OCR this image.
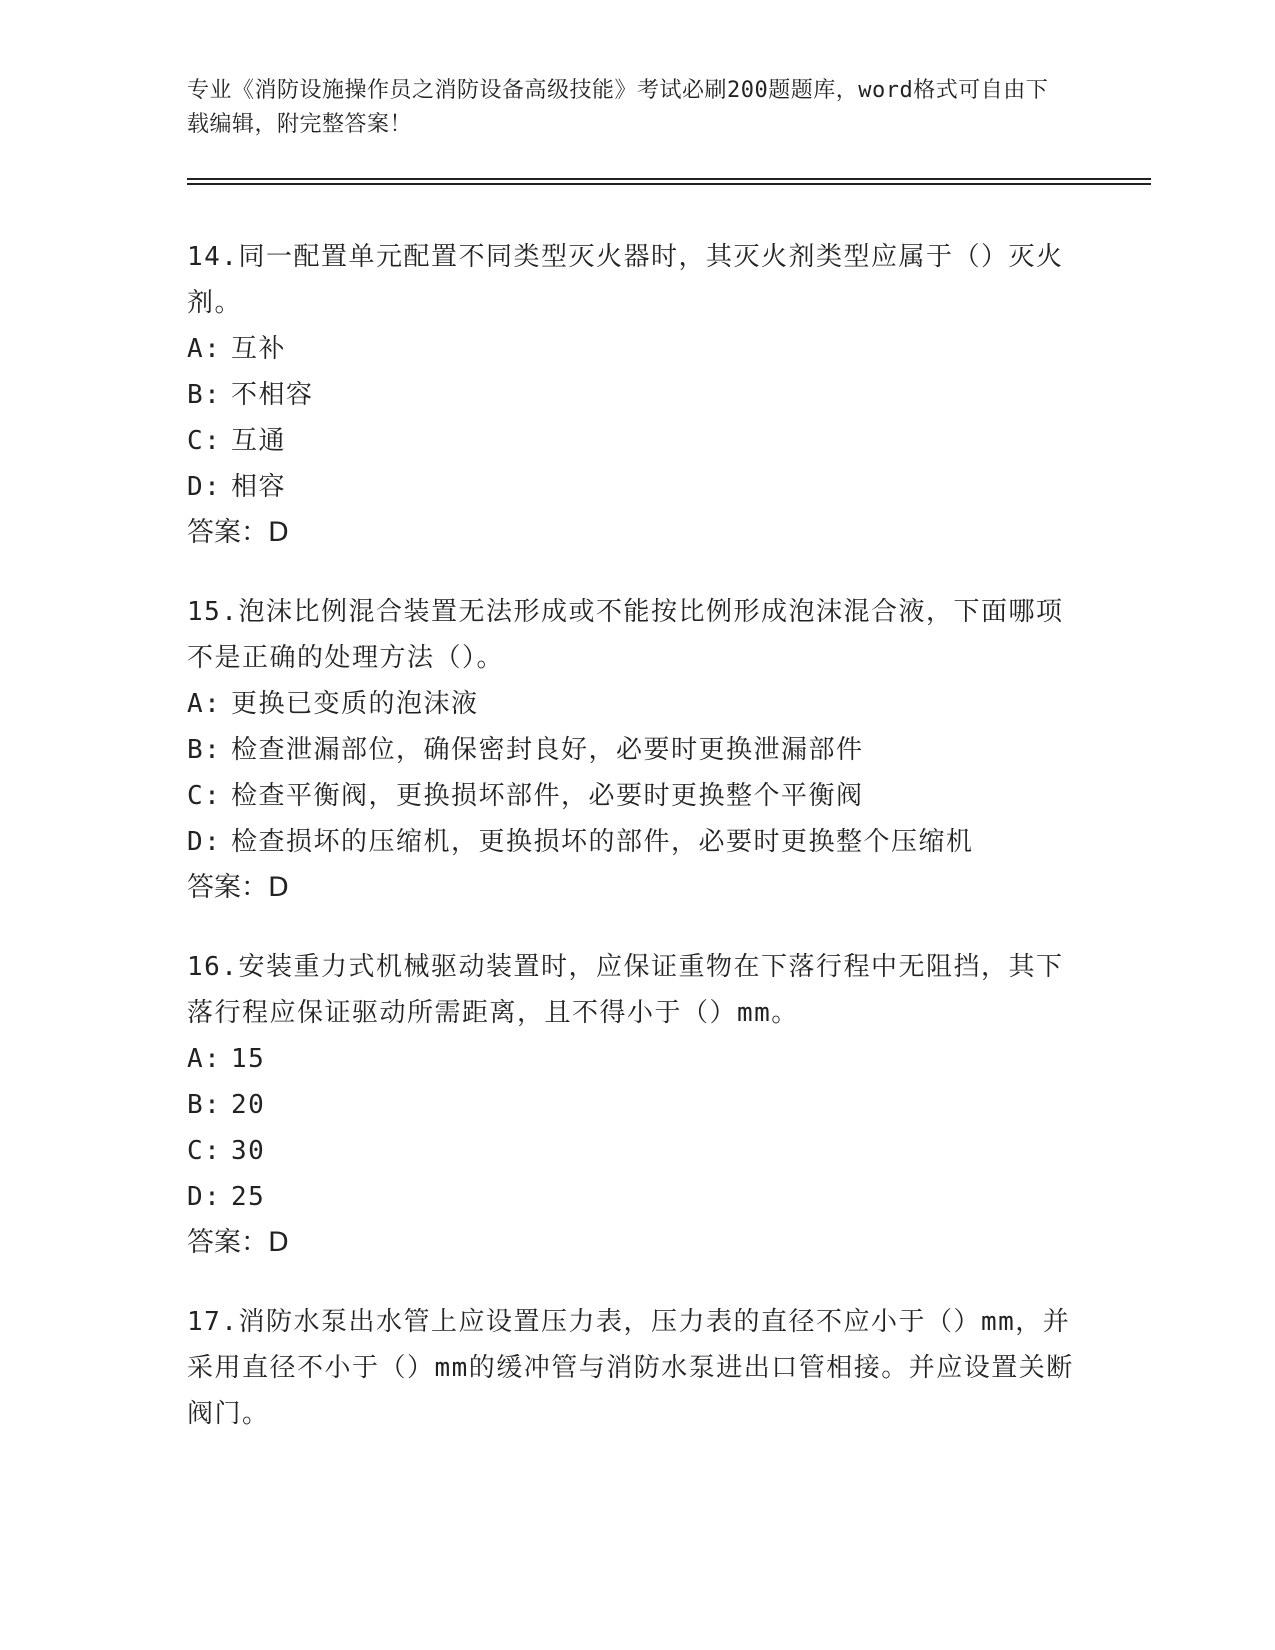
专业《消防设施操作员之消防设备高级技能》考试必刷200题题库，word格式可自由下载编辑，附完整答案！
14.同一配置单元配置不同类型灭火器时，其灭火剂类型应属于（）灭火剂。
A: 互补
B: 不相容
C: 互通
D: 相容
答案：D
15.泡沫比例混合装置无法形成或不能按比例形成泡沫混合液，下面哪项不是正确的处理方法（）。
A: 更换已变质的泡沫液
B: 检查泄漏部位，确保密封良好，必要时更换泄漏部件
C: 检查平衡阀，更换损坏部件，必要时更换整个平衡阀
D: 检查损坏的压缩机，更换损坏的部件，必要时更换整个压缩机
答案：D
16.安装重力式机械驱动装置时，应保证重物在下落行程中无阻挡，其下落行程应保证驱动所需距离，且不得小于（）mm。
A: 15
B: 20
C: 30
D: 25
答案：D
17.消防水泵出水管上应设置压力表，压力表的直径不应小于（）mm，并采用直径不小于（）mm的缓冲管与消防水泵进出口管相接。并应设置关断阀门。
